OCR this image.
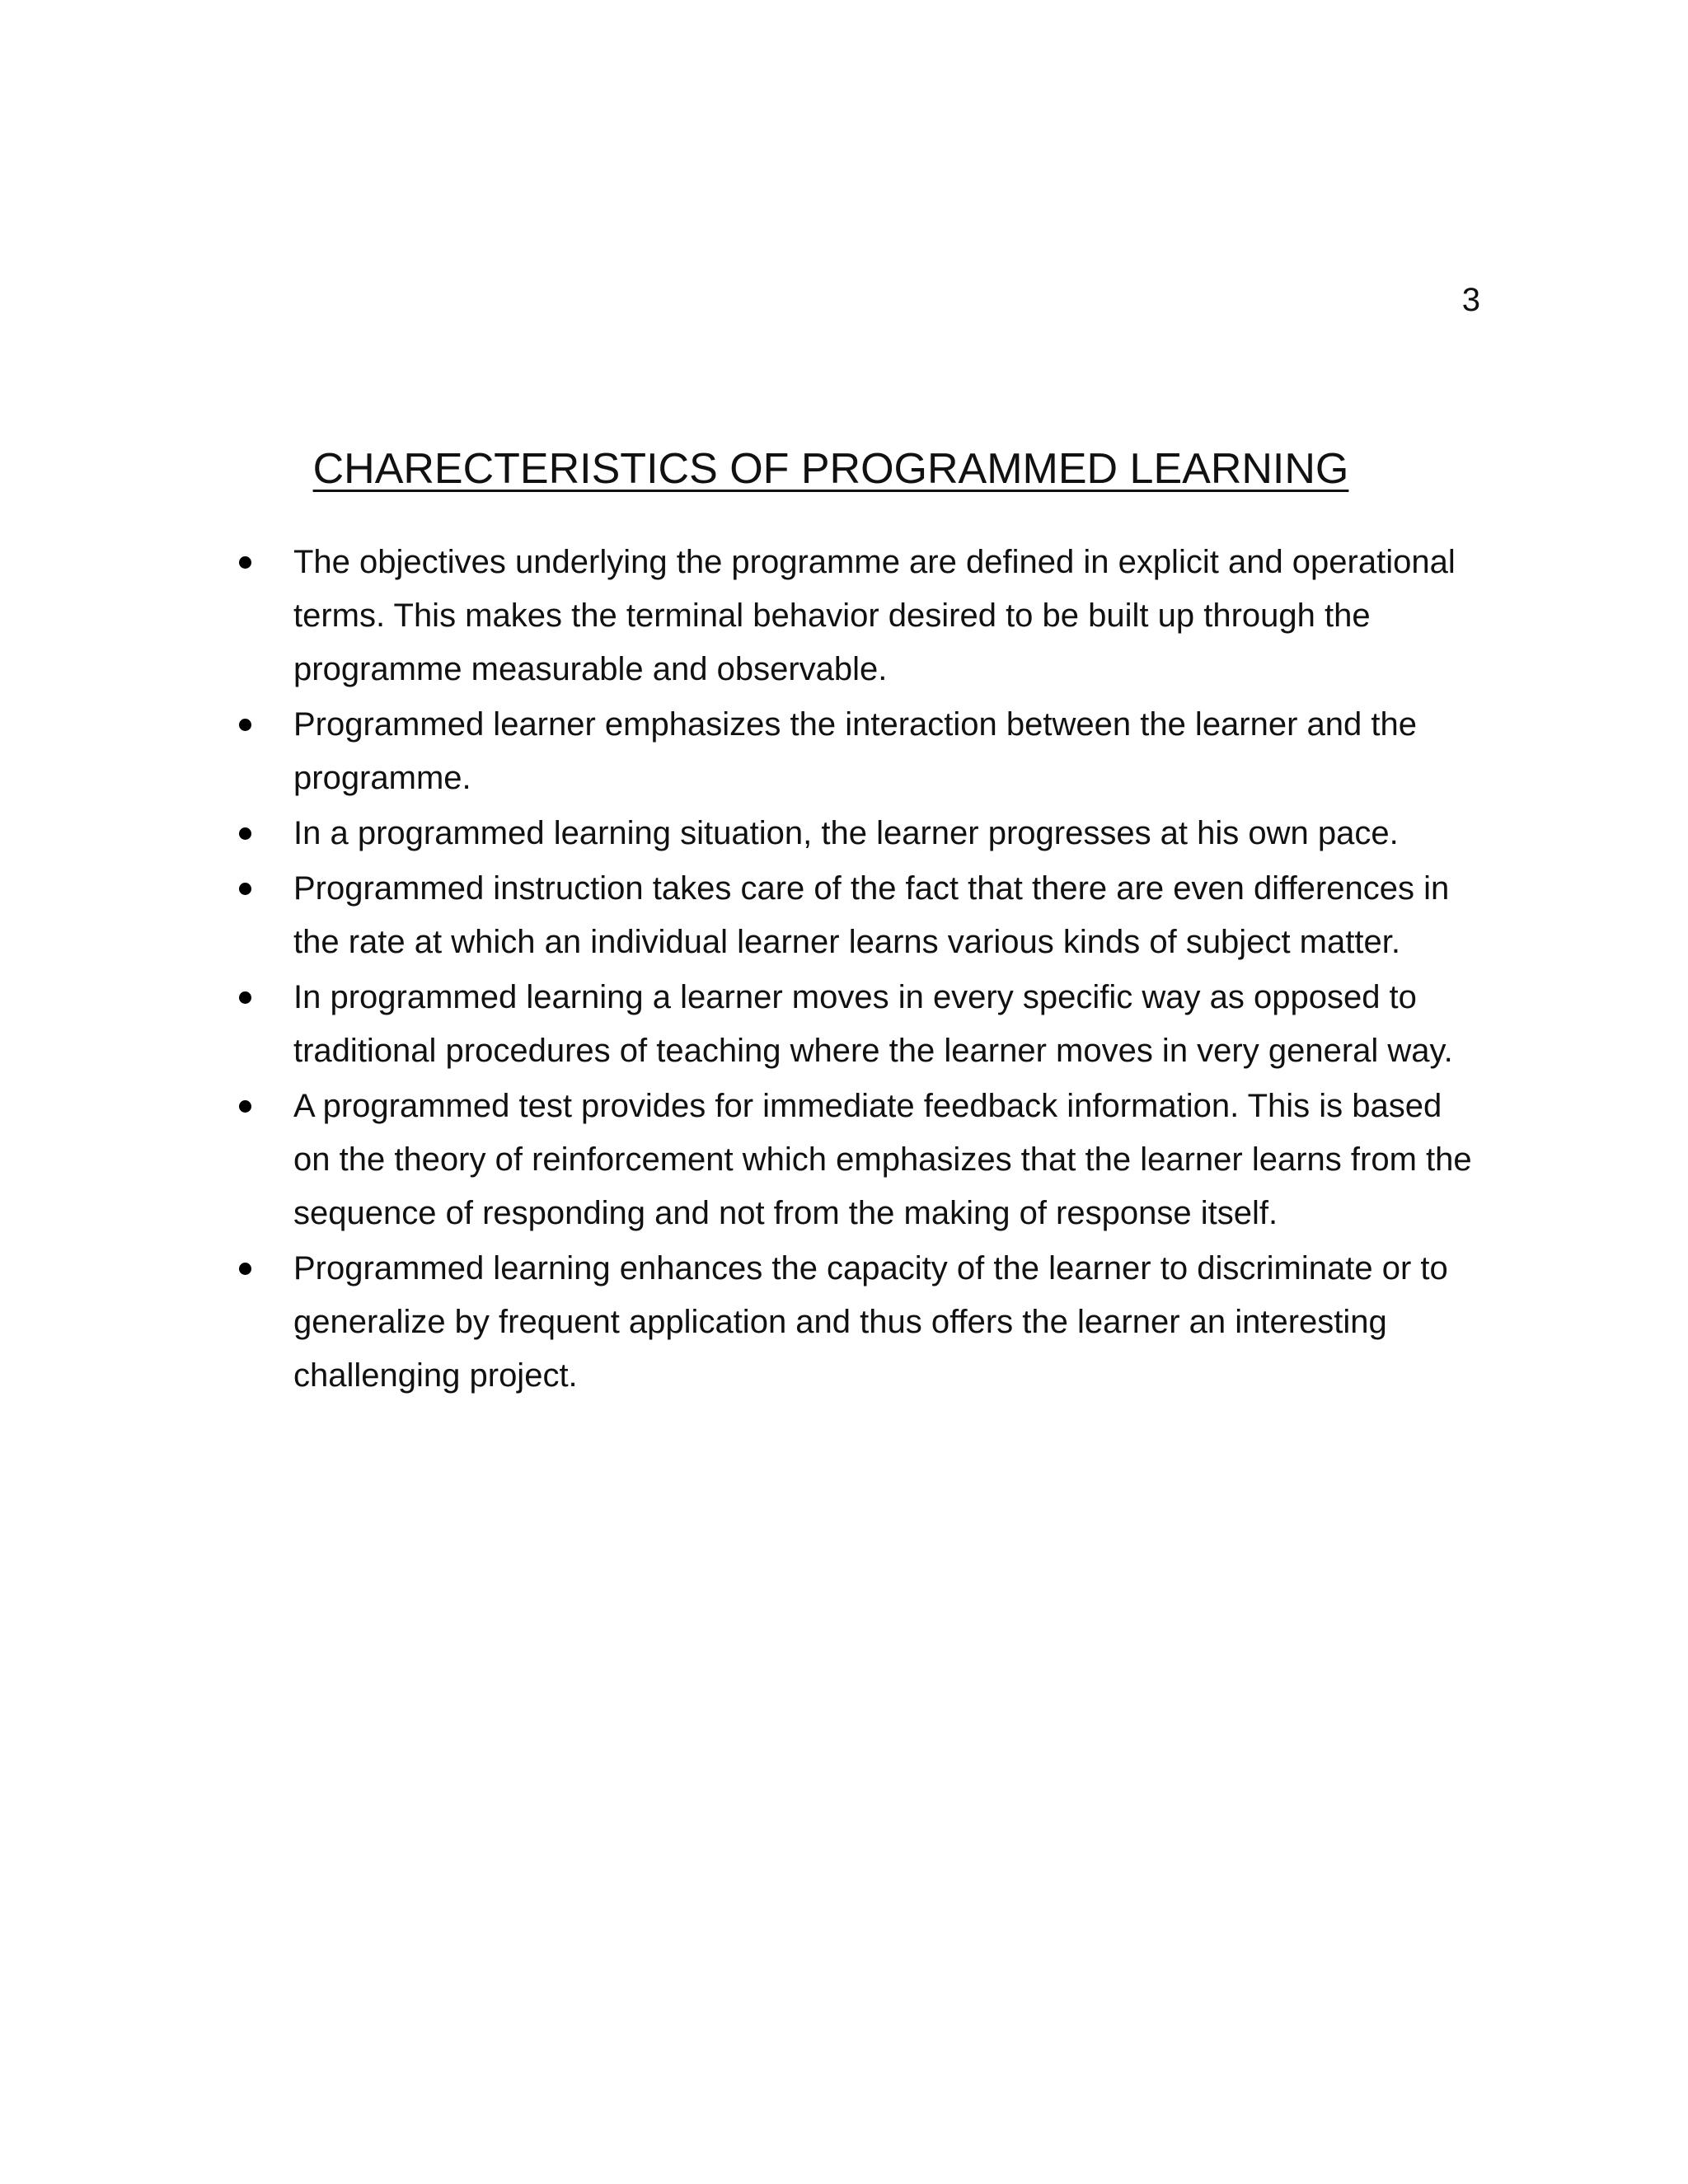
3
CHARECTERISTICS OF PROGRAMMED LEARNING
The objectives underlying the programme are defined in explicit and operational terms. This makes the terminal behavior desired to be built up through the programme measurable and observable.
Programmed learner emphasizes the interaction between the learner and the programme.
In a programmed learning situation, the learner progresses at his own pace.
Programmed instruction takes care of the fact that there are even differences in the rate at which an individual learner learns various kinds of subject matter.
In programmed learning a learner moves in every specific way as opposed to traditional procedures of teaching where the learner moves in very general way.
A programmed test provides for immediate feedback information. This is based on the theory of reinforcement which emphasizes that the learner learns from the sequence of responding and not from the making of response itself.
Programmed learning enhances the capacity of the learner to discriminate or to generalize by frequent application and thus offers the learner an interesting challenging project.
